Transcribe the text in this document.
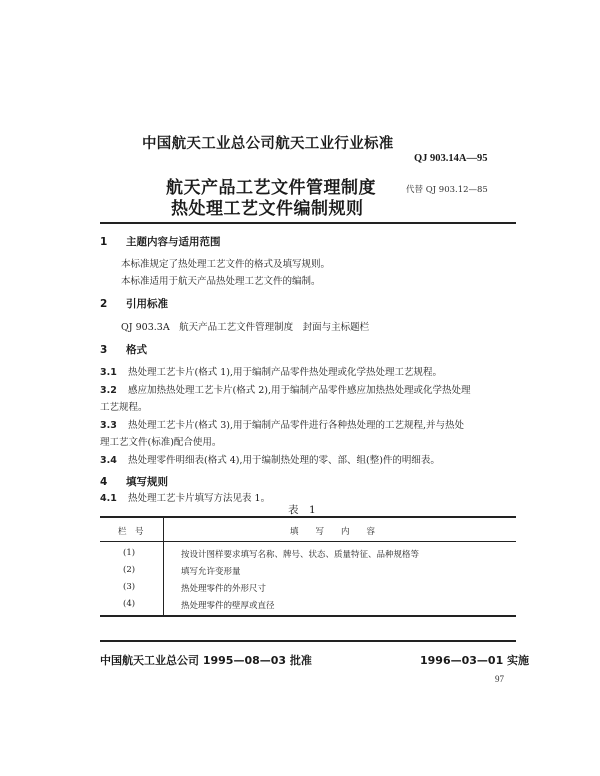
中国航天工业总公司航天工业行业标准
QJ 903.14A—95
航天产品工艺文件管理制度
热处理工艺文件编制规则
代替 QJ 903.12—85
1 主题内容与适用范围
本标准规定了热处理工艺文件的格式及填写规则。
本标准适用于航天产品热处理工艺文件的编制。
2 引用标准
QJ 903.3A　航天产品工艺文件管理制度　封面与主标题栏
3 格式
3.1 热处理工艺卡片(格式 1),用于编制产品零件热处理或化学热处理工艺规程。
3.2 感应加热热处理工艺卡片(格式 2),用于编制产品零件感应加热热处理或化学热处理
工艺规程。
3.3 热处理工艺卡片(格式 3),用于编制产品零件进行各种热处理的工艺规程,并与热处
理工艺文件(标准)配合使用。
3.4 热处理零件明细表(格式 4),用于编制热处理的零、部、组(整)件的明细表。
4 填写规则
4.1 热处理工艺卡片填写方法见表 1。
表　1
栏　号	填　　写　　内　　容
(1)	按设计图样要求填写名称、牌号、状态、质量特征、品种规格等
(2)	填写允许变形量
(3)	热处理零件的外形尺寸
(4)	热处理零件的壁厚或直径
中国航天工业总公司 1995—08—03 批准	1996—03—01 实施
97
